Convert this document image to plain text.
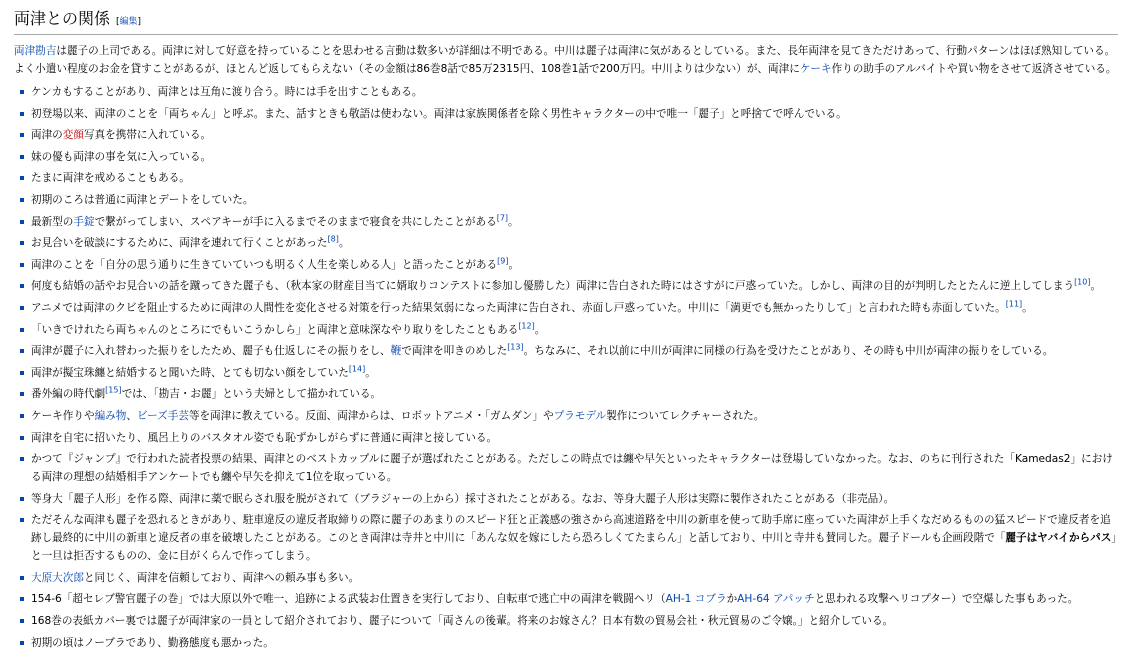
両津との関係 [編集]

両津勘吉は麗子の上司である。両津に対して好意を持っていることを思わせる言動は数多いが詳細は不明である。中川は麗子は両津に気があるとしている。また、長年両津を見てきただけあって、行動パターンはほぼ熟知している。よく小遣い程度のお金を貸すことがあるが、ほとんど返してもらえない（その金額は86巻8話で85万2315円、108巻1話で200万円。中川よりは少ない）が、両津にケーキ作りの助手のアルバイトや買い物をさせて返済させている。

ケンカもすることがあり、両津とは互角に渡り合う。時には手を出すこともある。
初登場以来、両津のことを「両ちゃん」と呼ぶ。また、話すときも敬語は使わない。両津は家族関係者を除く男性キャラクターの中で唯一「麗子」と呼捨てで呼んでいる。
両津の変顔写真を携帯に入れている。
妹の優も両津の事を気に入っている。
たまに両津を戒めることもある。
初期のころは普通に両津とデートをしていた。
最新型の手錠で繋がってしまい、スペアキーが手に入るまでそのままで寝食を共にしたことがある[7]。
お見合いを破談にするために、両津を連れて行くことがあった[8]。
両津のことを「自分の思う通りに生きていていつも明るく人生を楽しめる人」と語ったことがある[9]。
何度も結婚の話やお見合いの話を蹴ってきた麗子も、（秋本家の財産目当てに婿取りコンテストに参加し優勝した）両津に告白された時にはさすがに戸惑っていた。しかし、両津の目的が判明したとたんに逆上してしまう[10]。
アニメでは両津のクビを阻止するために両津の人間性を変化させる対策を行った結果気弱になった両津に告白され、赤面し戸惑っていた。中川に「満更でも無かったりして」と言われた時も赤面していた。[11]。
「いきでけれたら両ちゃんのところにでもいこうかしら」と両津と意味深なやり取りをしたこともある[12]。
両津が麗子に入れ替わった振りをしたため、麗子も仕返しにその振りをし、鞭で両津を叩きのめした[13]。ちなみに、それ以前に中川が両津に同様の行為を受けたことがあり、その時も中川が両津の振りをしている。
両津が擬宝珠纏と結婚すると聞いた時、とても切ない顔をしていた[14]。
番外編の時代劇[15]では、「勘吉・お麗」という夫婦として描かれている。
ケーキ作りや編み物、ビーズ手芸等を両津に教えている。反面、両津からは、ロボットアニメ・「ガムダン」やプラモデル製作についてレクチャーされた。
両津を自宅に招いたり、風呂上りのバスタオル姿でも恥ずかしがらずに普通に両津と接している。
かつて『ジャンプ』で行われた読者投票の結果、両津とのベストカップルに麗子が選ばれたことがある。ただしこの時点では纏や早矢といったキャラクターは登場していなかった。なお、のちに刊行された「Kamedas2」における両津の理想の結婚相手アンケートでも纏や早矢を抑えて1位を取っている。
等身大「麗子人形」を作る際、両津に薬で眠らされ服を脱がされて（ブラジャーの上から）採寸されたことがある。なお、等身大麗子人形は実際に製作されたことがある（非売品）。
ただそんな両津も麗子を恐れるときがあり、駐車違反の違反者取締りの際に麗子のあまりのスピード狂と正義感の強さから高速道路を中川の新車を使って助手席に座っていた両津が上手くなだめるものの猛スピードで違反者を追跡し最終的に中川の新車と違反者の車を破壊したことがある。このとき両津は寺井と中川に「あんな奴を嫁にしたら恐ろしくてたまらん」と話しており、中川と寺井も賛同した。麗子ドールも企画段階で「麗子はヤバイからパス」と一旦は拒否するものの、金に目がくらんで作ってしまう。
大原大次郎と同じく、両津を信頼しており、両津への頼み事も多い。
154-6「超セレブ警官麗子の巻」では大原以外で唯一、追跡による武装お仕置きを実行しており、自転車で逃亡中の両津を戦闘ヘリ（AH-1 コブラかAH-64 アパッチと思われる攻撃ヘリコプター）で空爆した事もあった。
168巻の表紙カバー裏では麗子が両津家の一員として紹介されており、麗子について「両さんの後輩。将来のお嫁さん？日本有数の貿易会社・秋元貿易のご令嬢。」と紹介している。
初期の頃はノーブラであり、勤務態度も悪かった。
